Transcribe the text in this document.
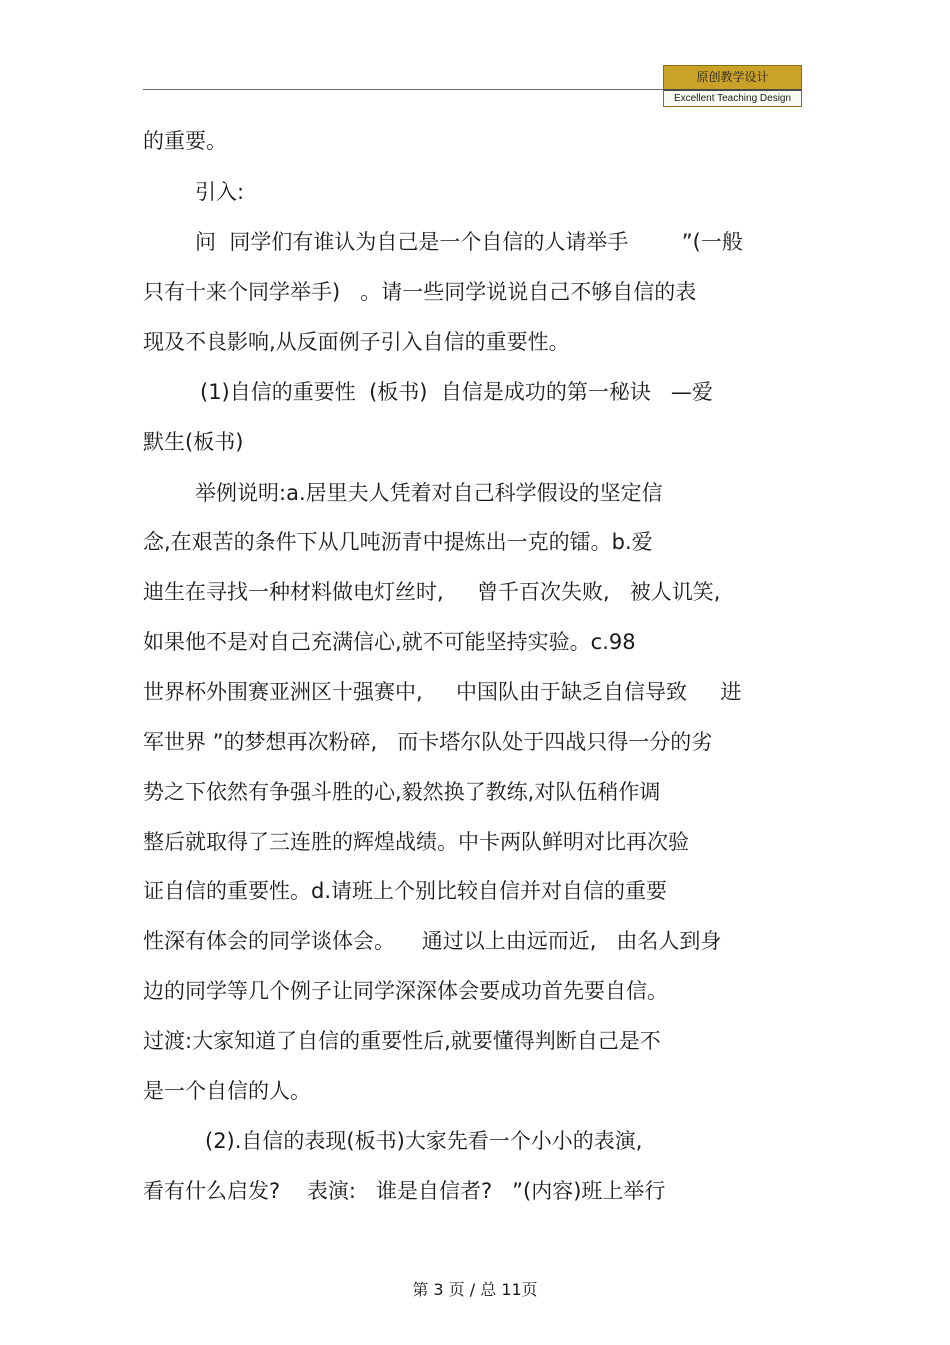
原创教学设计
Excellent Teaching Design
的重要。
引入:
问  同学们有谁认为自己是一个自信的人请举手        ”(一般
只有十来个同学举手)   。请一些同学说说自己不够自信的表
现及不良影响,从反面例子引入自信的重要性。
(1)自信的重要性  (板书)  自信是成功的第一秘诀   —爱
默生(板书)
举例说明:a.居里夫人凭着对自己科学假设的坚定信
念,在艰苦的条件下从几吨沥青中提炼出一克的镭。b.爱
迪生在寻找一种材料做电灯丝时,     曾千百次失败,   被人讥笑,
如果他不是对自己充满信心,就不可能坚持实验。c.98
世界杯外围赛亚洲区十强赛中,     中国队由于缺乏自信导致     进
军世界 ”的梦想再次粉碎,   而卡塔尔队处于四战只得一分的劣
势之下依然有争强斗胜的心,毅然换了教练,对队伍稍作调
整后就取得了三连胜的辉煌战绩。中卡两队鲜明对比再次验
证自信的重要性。d.请班上个别比较自信并对自信的重要
性深有体会的同学谈体会。    通过以上由远而近,   由名人到身
边的同学等几个例子让同学深深体会要成功首先要自信。
过渡:大家知道了自信的重要性后,就要懂得判断自己是不
是一个自信的人。
(2).自信的表现(板书)大家先看一个小小的表演,
看有什么启发?    表演:   谁是自信者?   ”(内容)班上举行
第 3 页 / 总 11页
